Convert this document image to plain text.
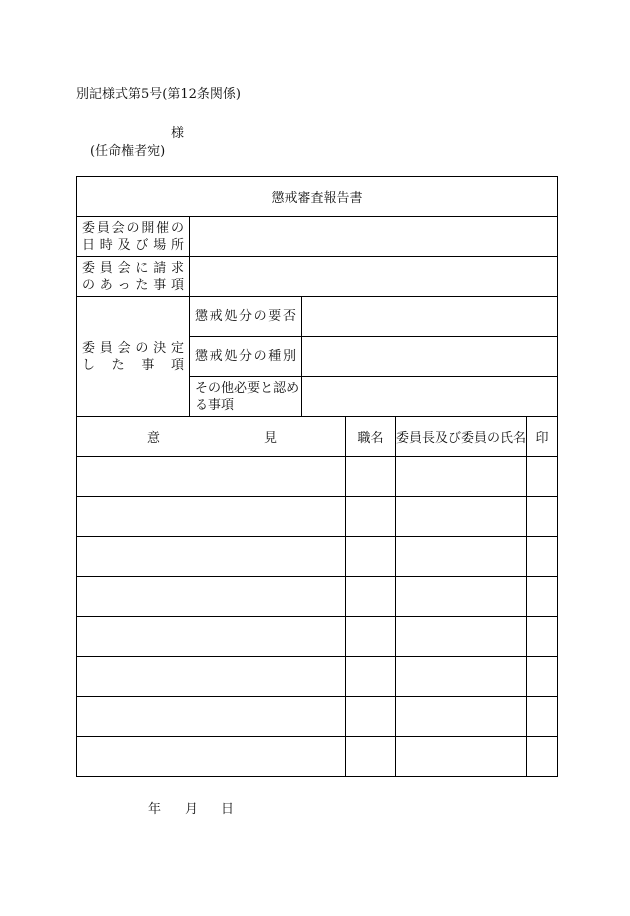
別記様式第5号(第12条関係)
様
(任命権者宛)
懲戒審査報告書
委 員 会 の 開 催 の
日 時 及 び 場 所
委 員 会 に 請 求
の あ っ た 事 項
委 員 会 の 決 定
し た 事 項
懲 戒 処 分 の 要 否
懲 戒 処 分 の 種 別
そ の 他 必 要 と 認 め
る事項
意	見	職名 委員長及び委員の氏名 印
年 月 日
